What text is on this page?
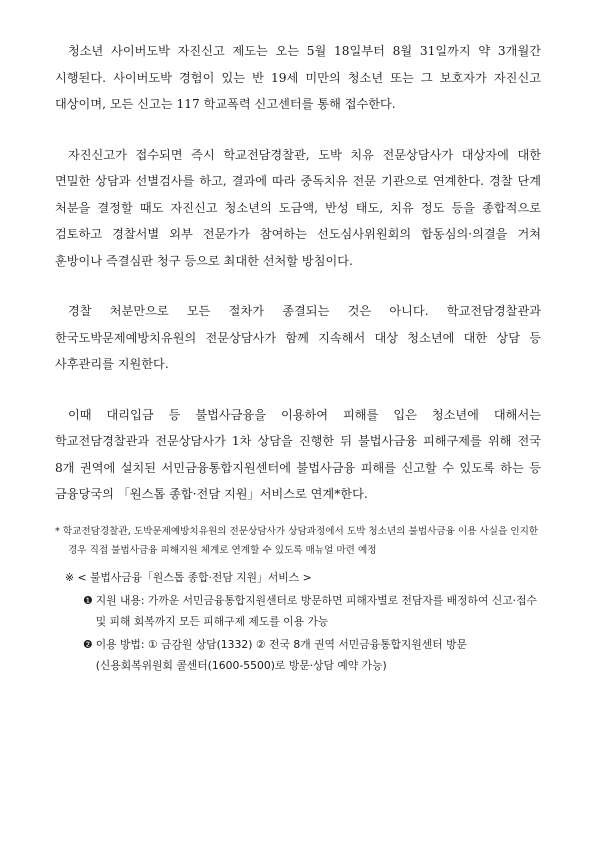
청소년 사이버도박 자진신고 제도는 오는 5월 18일부터 8월 31일까지 약 3개월간 시행된다. 사이버도박 경험이 있는 반 19세 미만의 청소년 또는 그 보호자가 자진신고 대상이며, 모든 신고는 117 학교폭력 신고센터를 통해 접수한다.

자진신고가 접수되면 즉시 학교전담경찰관, 도박 치유 전문상담사가 대상자에 대한 면밀한 상담과 선별검사를 하고, 결과에 따라 중독치유 전문 기관으로 연계한다. 경찰 단계 처분을 결정할 때도 자진신고 청소년의 도금액, 반성 태도, 치유 정도 등을 종합적으로 검토하고 경찰서별 외부 전문가가 참여하는 선도심사위원회의 합동심의·의결을 거쳐 훈방이나 즉결심판 청구 등으로 최대한 선처할 방침이다.

경찰 처분만으로 모든 절차가 종결되는 것은 아니다. 학교전담경찰관과 한국도박문제예방치유원의 전문상담사가 함께 지속해서 대상 청소년에 대한 상담 등 사후관리를 지원한다.

이때 대리입금 등 불법사금융을 이용하여 피해를 입은 청소년에 대해서는 학교전담경찰관과 전문상담사가 1차 상담을 진행한 뒤 불법사금융 피해구제를 위해 전국 8개 권역에 설치된 서민금융통합지원센터에 불법사금융 피해를 신고할 수 있도록 하는 등 금융당국의 「원스톱 종합·전담 지원」서비스로 연계*한다.

* 학교전담경찰관, 도박문제예방치유원의 전문상담사가 상담과정에서 도박 청소년의 불법사금융 이용 사실을 인지한 경우 직접 불법사금융 피해지원 체계로 연계할 수 있도록 매뉴얼 마련 예정

※ < 불법사금융「원스톱 종합·전담 지원」서비스 >
❶ 지원 내용: 가까운 서민금융통합지원센터로 방문하면 피해자별로 전담자를 배정하여 신고·접수 및 피해 회복까지 모든 피해구제 제도를 이용 가능
❷ 이용 방법: ① 금감원 상담(1332) ② 전국 8개 권역 서민금융통합지원센터 방문(신용회복위원회 콜센터(1600-5500)로 방문·상담 예약 가능)
